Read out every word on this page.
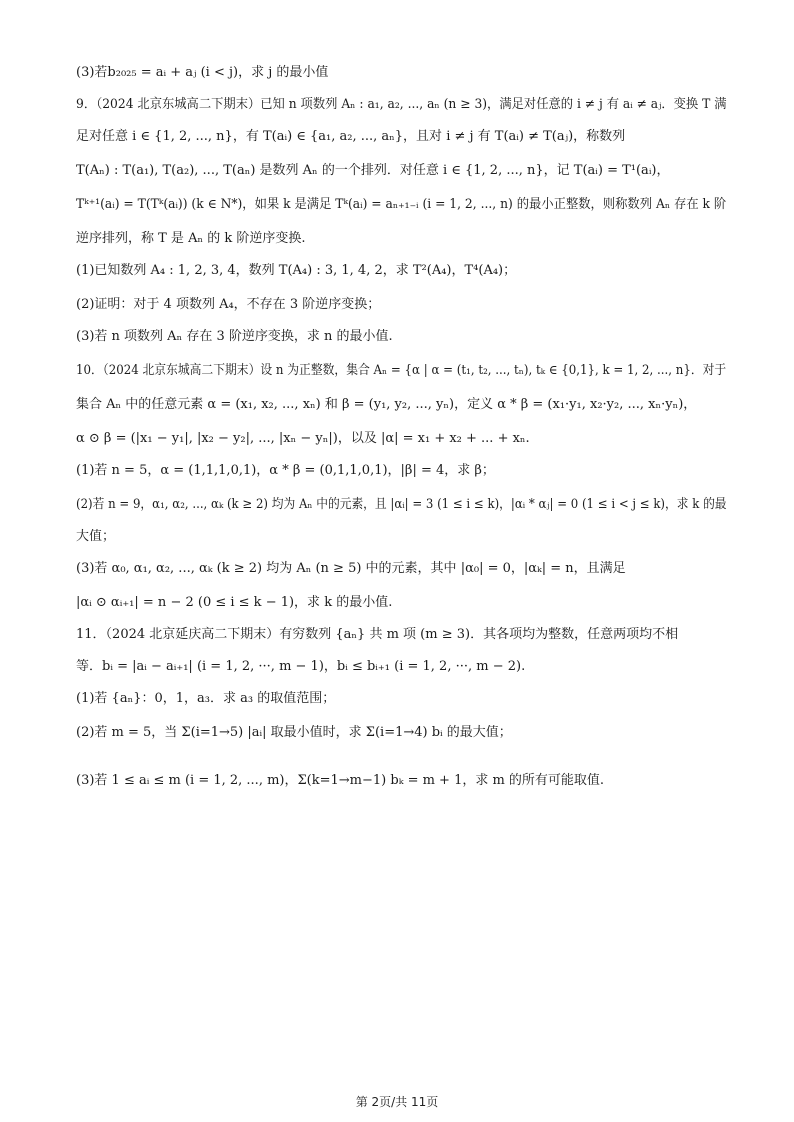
(3)若b₂₀₂₅ = aᵢ + aⱼ (i < j)，求 j 的最小值
9．（2024 北京东城高二下期末）已知 n 项数列 Aₙ : a₁, a₂, ..., aₙ (n ≥ 3)，满足对任意的 i ≠ j 有 aᵢ ≠ aⱼ．变换 T 满
足对任意 i ∈ {1, 2, ..., n}，有 T(aᵢ) ∈ {a₁, a₂, ..., aₙ}，且对 i ≠ j 有 T(aᵢ) ≠ T(aⱼ)，称数列
T(Aₙ) : T(a₁), T(a₂), ..., T(aₙ) 是数列 Aₙ 的一个排列．对任意 i ∈ {1, 2, ..., n}，记 T(aᵢ) = T¹(aᵢ)，
Tᵏ⁺¹(aᵢ) = T(Tᵏ(aᵢ)) (k ∈ N*)，如果 k 是满足 Tᵏ(aᵢ) = aₙ₊₁₋ᵢ (i = 1, 2, ..., n) 的最小正整数，则称数列 Aₙ 存在 k 阶
逆序排列，称 T 是 Aₙ 的 k 阶逆序变换.
(1)已知数列 A₄ : 1, 2, 3, 4，数列 T(A₄) : 3, 1, 4, 2，求 T²(A₄)，T⁴(A₄)；
(2)证明：对于 4 项数列 A₄，不存在 3 阶逆序变换；
(3)若 n 项数列 Aₙ 存在 3 阶逆序变换，求 n 的最小值.
10．（2024 北京东城高二下期末）设 n 为正整数，集合 Aₙ = {α | α = (t₁, t₂, ..., tₙ), tₖ ∈ {0,1}, k = 1, 2, ..., n}．对于
集合 Aₙ 中的任意元素 α = (x₁, x₂, ..., xₙ) 和 β = (y₁, y₂, ..., yₙ)，定义 α * β = (x₁·y₁, x₂·y₂, ..., xₙ·yₙ)，
α ⊙ β = (|x₁ − y₁|, |x₂ − y₂|, ..., |xₙ − yₙ|)，以及 |α| = x₁ + x₂ + ... + xₙ.
(1)若 n = 5，α = (1,1,1,0,1)，α * β = (0,1,1,0,1)，|β| = 4，求 β；
(2)若 n = 9，α₁, α₂, ..., αₖ (k ≥ 2) 均为 Aₙ 中的元素，且 |αᵢ| = 3 (1 ≤ i ≤ k)，|αᵢ * αⱼ| = 0 (1 ≤ i < j ≤ k)，求 k 的最
大值；
(3)若 α₀, α₁, α₂, ..., αₖ (k ≥ 2) 均为 Aₙ (n ≥ 5) 中的元素，其中 |α₀| = 0，|αₖ| = n，且满足
|αᵢ ⊙ αᵢ₊₁| = n − 2 (0 ≤ i ≤ k − 1)，求 k 的最小值.
11．（2024 北京延庆高二下期末）有穷数列 {aₙ} 共 m 项 (m ≥ 3)．其各项均为整数，任意两项均不相
等．bᵢ = |aᵢ − aᵢ₊₁| (i = 1, 2, ···, m − 1)，bᵢ ≤ bᵢ₊₁ (i = 1, 2, ···, m − 2).
(1)若 {aₙ}：0，1，a₃．求 a₃ 的取值范围；
(2)若 m = 5，当 Σ(i=1→5) |aᵢ| 取最小值时，求 Σ(i=1→4) bᵢ 的最大值；
(3)若 1 ≤ aᵢ ≤ m (i = 1, 2, ..., m)，Σ(k=1→m−1) bₖ = m + 1，求 m 的所有可能取值.
第 2页/共 11页
